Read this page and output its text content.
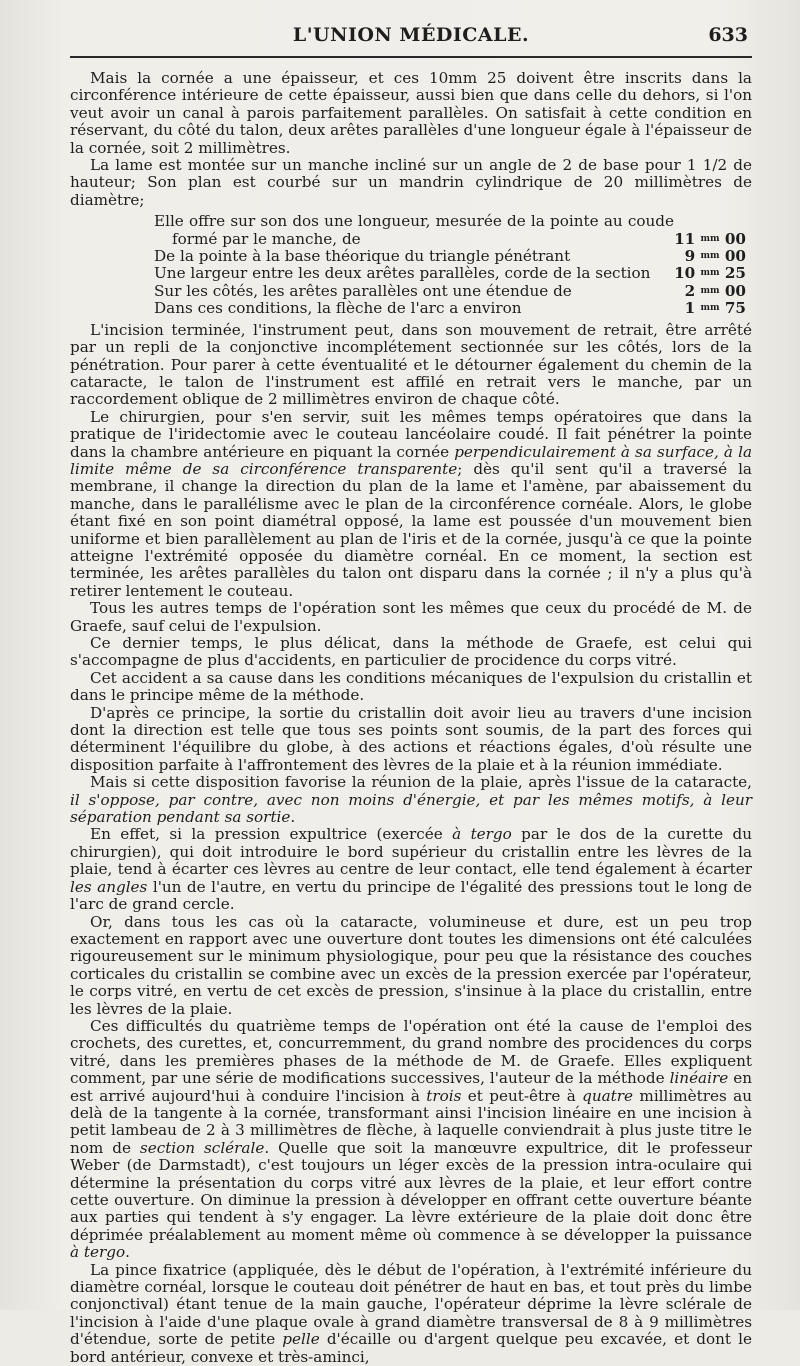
L'UNION MÉDICALE.	633

Mais la cornée a une épaisseur, et ces 10mm 25 doivent être inscrits dans la circonférence intérieure de cette épaisseur, aussi bien que dans celle du dehors, si l'on veut avoir un canal à parois parfaitement parallèles. On satisfait à cette condition en réservant, du côté du talon, deux arêtes parallèles d'une longueur égale à l'épaisseur de la cornée, soit 2 millimètres.

La lame est montée sur un manche incliné sur un angle de 2 de base pour 1 1/2 de hauteur; Son plan est courbé sur un mandrin cylindrique de 20 millimètres de diamètre;

Elle offre sur son dos une longueur, mesurée de la pointe au coude formé par le manche, de	11 $^{mm}$ 00
De la pointe à la base théorique du triangle pénétrant	9 $^{mm}$ 00
Une largeur entre les deux arêtes parallèles, corde de la section	10 $^{mm}$ 25
Sur les côtés, les arêtes parallèles ont une étendue de	2 $^{mm}$ 00
Dans ces conditions, la flèche de l'arc a environ	1 $^{mm}$ 75

L'incision terminée, l'instrument peut, dans son mouvement de retrait, être arrêté par un repli de la conjonctive incomplétement sectionnée sur les côtés, lors de la pénétration. Pour parer à cette éventualité et le détourner également du chemin de la cataracte, le talon de l'instrument est affilé en retrait vers le manche, par un raccordement oblique de 2 millimètres environ de chaque côté.

Le chirurgien, pour s'en servir, suit les mêmes temps opératoires que dans la pratique de l'iridectomie avec le couteau lancéolaire coudé. Il fait pénétrer la pointe dans la chambre antérieure en piquant la cornée perpendiculairement à sa surface, à la limite même de sa circonférence transparente; dès qu'il sent qu'il a traversé la membrane, il change la direction du plan de la lame et l'amène, par abaissement du manche, dans le parallélisme avec le plan de la circonférence cornéale. Alors, le globe étant fixé en son point diamétral opposé, la lame est poussée d'un mouvement bien uniforme et bien parallèlement au plan de l'iris et de la cornée, jusqu'à ce que la pointe atteigne l'extrémité opposée du diamètre cornéal. En ce moment, la section est terminée, les arêtes parallèles du talon ont disparu dans la cornée ; il n'y a plus qu'à retirer lentement le couteau.

Tous les autres temps de l'opération sont les mêmes que ceux du procédé de M. de Graefe, sauf celui de l'expulsion.

Ce dernier temps, le plus délicat, dans la méthode de Graefe, est celui qui s'accompagne de plus d'accidents, en particulier de procidence du corps vitré.

Cet accident a sa cause dans les conditions mécaniques de l'expulsion du cristallin et dans le principe même de la méthode.

D'après ce principe, la sortie du cristallin doit avoir lieu au travers d'une incision dont la direction est telle que tous ses points sont soumis, de la part des forces qui déterminent l'équilibre du globe, à des actions et réactions égales, d'où résulte une disposition parfaite à l'affrontement des lèvres de la plaie et à la réunion immédiate.

Mais si cette disposition favorise la réunion de la plaie, après l'issue de la cataracte, il s'oppose, par contre, avec non moins d'énergie, et par les mêmes motifs, à leur séparation pendant sa sortie.

En effet, si la pression expultrice (exercée à tergo par le dos de la curette du chirurgien), qui doit introduire le bord supérieur du cristallin entre les lèvres de la plaie, tend à écarter ces lèvres au centre de leur contact, elle tend également à écarter les angles l'un de l'autre, en vertu du principe de l'égalité des pressions tout le long de l'arc de grand cercle.

Or, dans tous les cas où la cataracte, volumineuse et dure, est un peu trop exactement en rapport avec une ouverture dont toutes les dimensions ont été calculées rigoureusement sur le minimum physiologique, pour peu que la résistance des couches corticales du cristallin se combine avec un excès de la pression exercée par l'opérateur, le corps vitré, en vertu de cet excès de pression, s'insinue à la place du cristallin, entre les lèvres de la plaie.

Ces difficultés du quatrième temps de l'opération ont été la cause de l'emploi des crochets, des curettes, et, concurremment, du grand nombre des procidences du corps vitré, dans les premières phases de la méthode de M. de Graefe. Elles expliquent comment, par une série de modifications successives, l'auteur de la méthode linéaire en est arrivé aujourd'hui à conduire l'incision à trois et peut-être à quatre millimètres au delà de la tangente à la cornée, transformant ainsi l'incision linéaire en une incision à petit lambeau de 2 à 3 millimètres de flèche, à laquelle conviendrait à plus juste titre le nom de section sclérale. Quelle que soit la manœuvre expultrice, dit le professeur Weber (de Darmstadt), c'est toujours un léger excès de la pression intra-oculaire qui détermine la présentation du corps vitré aux lèvres de la plaie, et leur effort contre cette ouverture. On diminue la pression à développer en offrant cette ouverture béante aux parties qui tendent à s'y engager. La lèvre extérieure de la plaie doit donc être déprimée préalablement au moment même où commence à se développer la puissance à tergo.

La pince fixatrice (appliquée, dès le début de l'opération, à l'extrémité inférieure du diamètre cornéal, lorsque le couteau doit pénétrer de haut en bas, et tout près du limbe conjonctival) étant tenue de la main gauche, l'opérateur déprime la lèvre sclérale de l'incision à l'aide d'une plaque ovale à grand diamètre transversal de 8 à 9 millimètres d'étendue, sorte de petite pelle d'écaille ou d'argent quelque peu excavée, et dont le bord antérieur, convexe et très-aminci,
